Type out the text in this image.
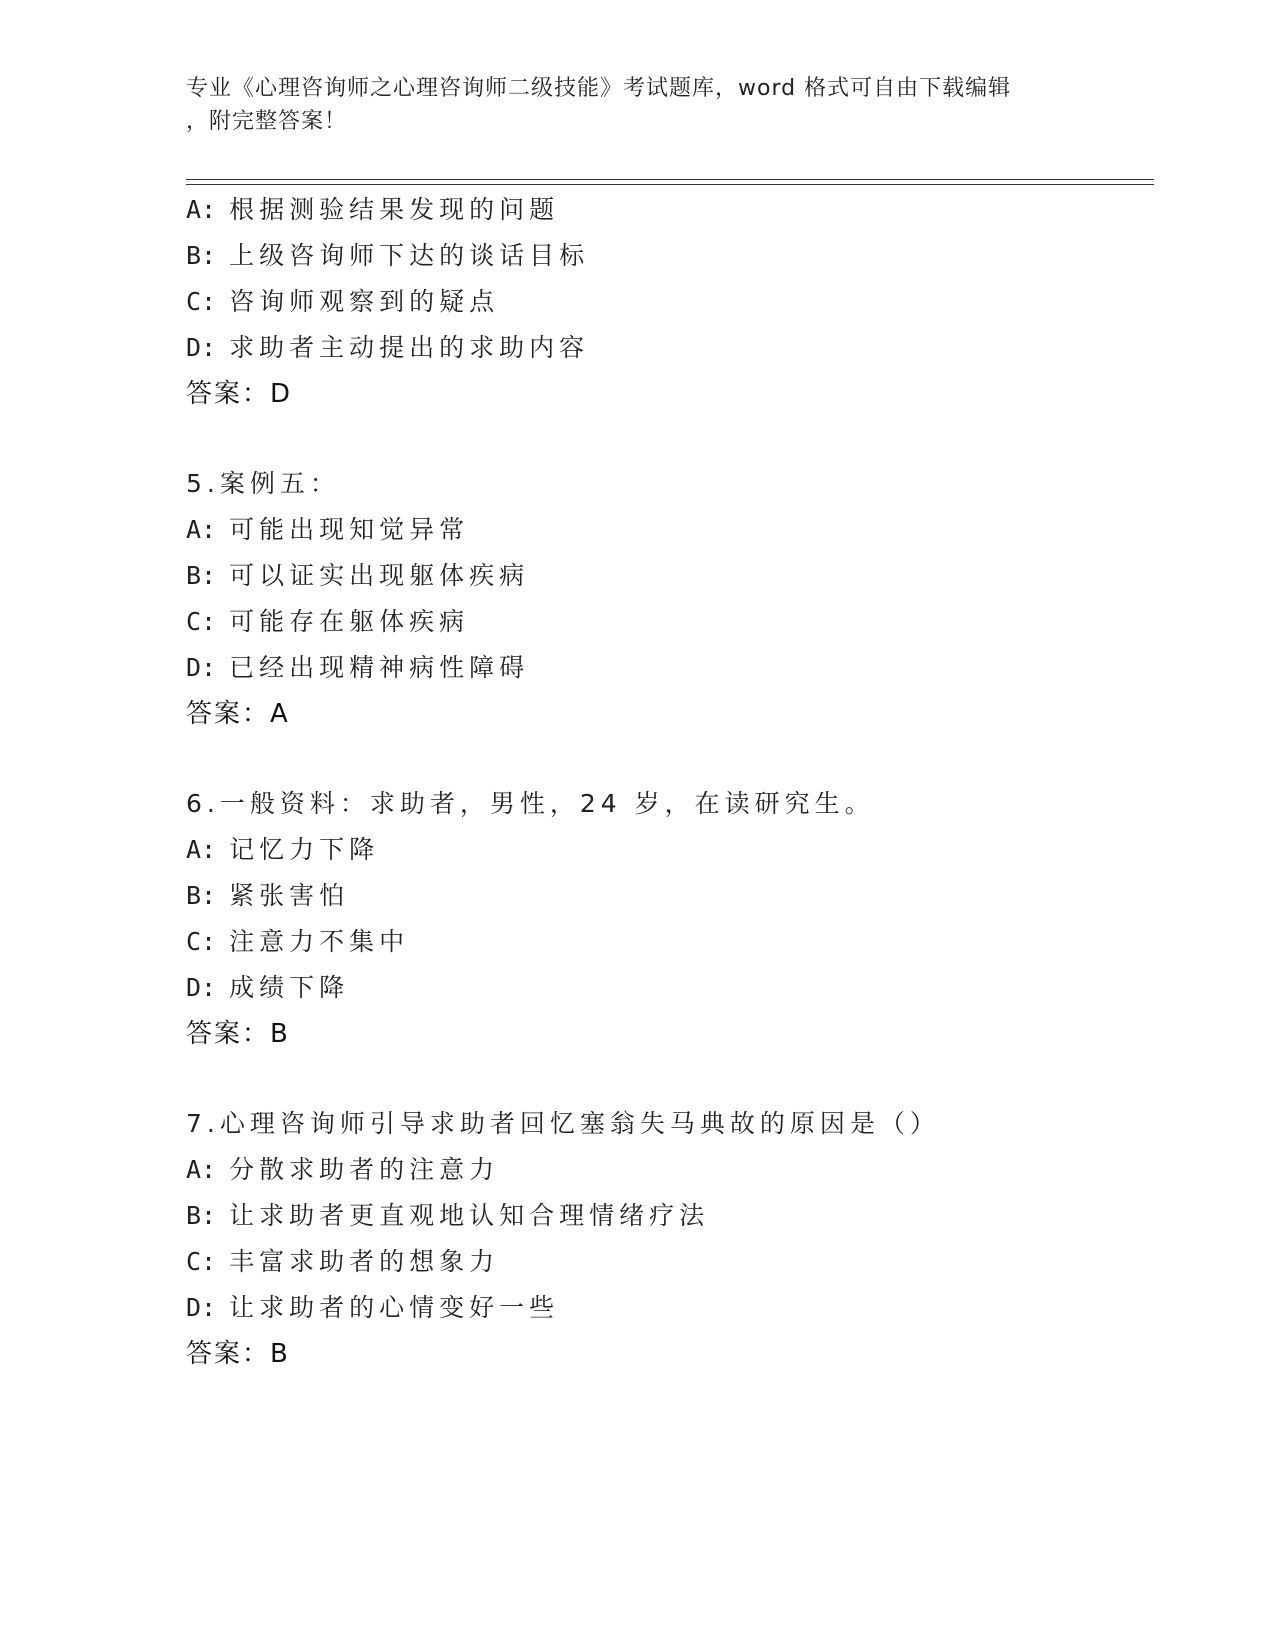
专业《心理咨询师之心理咨询师二级技能》考试题库，word 格式可自由下载编辑
，附完整答案！
A: 根据测验结果发现的问题
B: 上级咨询师下达的谈话目标
C: 咨询师观察到的疑点
D: 求助者主动提出的求助内容
答案：D
5.案例五：
A: 可能出现知觉异常
B: 可以证实出现躯体疾病
C: 可能存在躯体疾病
D: 已经出现精神病性障碍
答案：A
6.一般资料：求助者，男性，24 岁，在读研究生。
A: 记忆力下降
B: 紧张害怕
C: 注意力不集中
D: 成绩下降
答案：B
7.心理咨询师引导求助者回忆塞翁失马典故的原因是（）
A: 分散求助者的注意力
B: 让求助者更直观地认知合理情绪疗法
C: 丰富求助者的想象力
D: 让求助者的心情变好一些
答案：B
